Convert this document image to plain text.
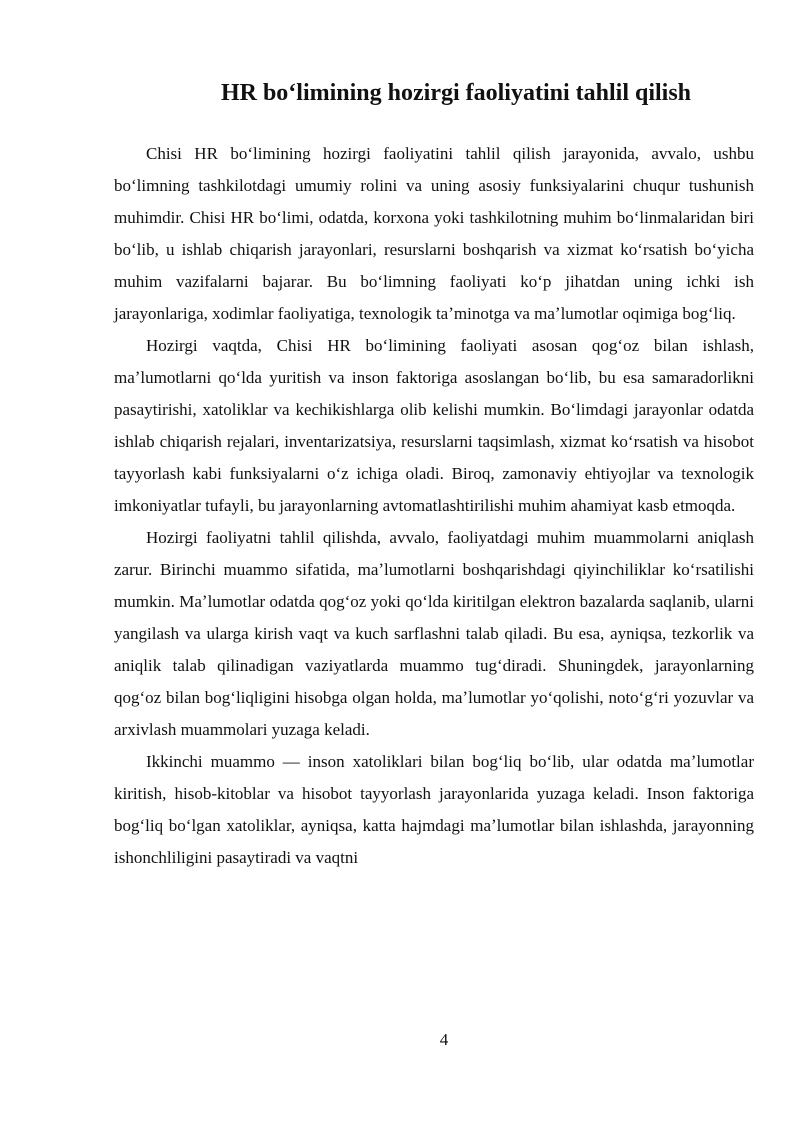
HR boʻlimining hozirgi faoliyatini tahlil qilish

Chisi HR boʻlimining hozirgi faoliyatini tahlil qilish jarayonida, avvalo, ushbu boʻlimning tashkilotdagi umumiy rolini va uning asosiy funksiyalarini chuqur tushunish muhimdir. Chisi HR boʻlimi, odatda, korxona yoki tashkilotning muhim boʻlinmalaridan biri boʻlib, u ishlab chiqarish jarayonlari, resurslarni boshqarish va xizmat koʻrsatish boʻyicha muhim vazifalarni bajarar. Bu boʻlimning faoliyati koʻp jihatdan uning ichki ish jarayonlariga, xodimlar faoliyatiga, texnologik taʼminotga va maʼlumotlar oqimiga bogʻliq.

Hozirgi vaqtda, Chisi HR boʻlimining faoliyati asosan qogʻoz bilan ishlash, maʼlumotlarni qoʻlda yuritish va inson faktoriga asoslangan boʻlib, bu esa samaradorlikni pasaytirishi, xatoliklar va kechikishlarga olib kelishi mumkin. Boʻlimdagi jarayonlar odatda ishlab chiqarish rejalari, inventarizatsiya, resurslarni taqsimlash, xizmat koʻrsatish va hisobot tayyorlash kabi funksiyalarni oʻz ichiga oladi. Biroq, zamonaviy ehtiyojlar va texnologik imkoniyatlar tufayli, bu jarayonlarning avtomatlashtirilishi muhim ahamiyat kasb etmoqda.

Hozirgi faoliyatni tahlil qilishda, avvalo, faoliyatdagi muhim muammolarni aniqlash zarur. Birinchi muammo sifatida, maʼlumotlarni boshqarishdagi qiyinchiliklar koʻrsatilishi mumkin. Maʼlumotlar odatda qogʻoz yoki qoʻlda kiritilgan elektron bazalarda saqlanib, ularni yangilash va ularga kirish vaqt va kuch sarflashni talab qiladi. Bu esa, ayniqsa, tezkorlik va aniqlik talab qilinadigan vaziyatlarda muammo tugʻdiradi. Shuningdek, jarayonlarning qogʻoz bilan bogʻliqligini hisobga olgan holda, maʼlumotlar yoʻqolishi, notoʻgʻri yozuvlar va arxivlash muammolari yuzaga keladi.

Ikkinchi muammo — inson xatoliklari bilan bogʻliq boʻlib, ular odatda maʼlumotlar kiritish, hisob-kitoblar va hisobot tayyorlash jarayonlarida yuzaga keladi. Inson faktoriga bogʻliq boʻlgan xatoliklar, ayniqsa, katta hajmdagi maʼlumotlar bilan ishlashda, jarayonning ishonchliligini pasaytiradi va vaqtni

4
